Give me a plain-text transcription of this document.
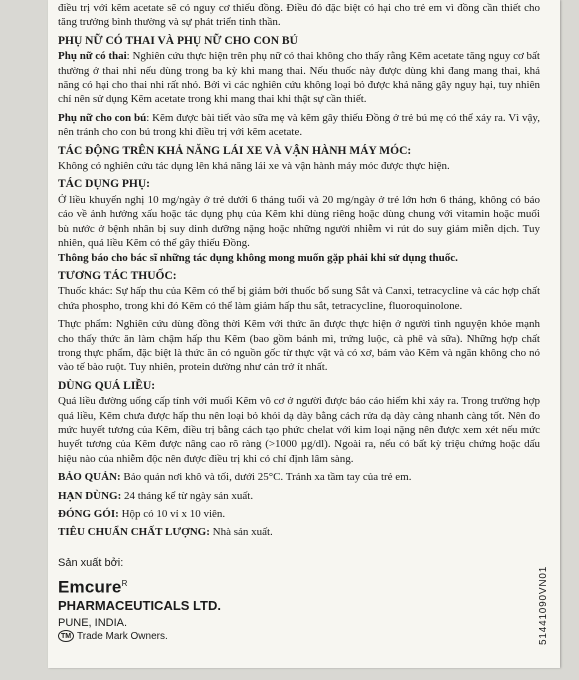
điều trị với kẽm acetate sẽ có nguy cơ thiếu đồng. Điều đó đặc biệt có hại cho trẻ em vì đồng cần thiết cho tăng trưởng bình thường và sự phát triển tinh thần.

PHỤ NỮ CÓ THAI VÀ PHỤ NỮ CHO CON BÚ

Phụ nữ có thai: Nghiên cứu thực hiện trên phụ nữ có thai không cho thấy rằng Kẽm acetate tăng nguy cơ bất thường ở thai nhi nếu dùng trong ba kỳ khi mang thai. Nếu thuốc này được dùng khi đang mang thai, khả năng có hại cho thai nhi rất nhỏ. Bởi vì các nghiên cứu không loại bỏ được khả năng gây nguy hại, tuy nhiên chỉ nên sử dụng Kẽm acetate trong khi mang thai khi thật sự cần thiết.

Phụ nữ cho con bú: Kẽm được bài tiết vào sữa mẹ và kẽm gây thiếu Đồng ở trẻ bú mẹ có thể xảy ra. Vì vậy, nên tránh cho con bú trong khi điều trị với kẽm acetate.

TÁC ĐỘNG TRÊN KHẢ NĂNG LÁI XE VÀ VẬN HÀNH MÁY MÓC:

Không có nghiên cứu tác dụng lên khả năng lái xe và vận hành máy móc được thực hiện.

TÁC DỤNG PHỤ:

Ở liều khuyến nghị 10 mg/ngày ở trẻ dưới 6 tháng tuổi và 20 mg/ngày ở trẻ lớn hơn 6 tháng, không có báo cáo về ảnh hưởng xấu hoặc tác dụng phụ của Kẽm khi dùng riêng hoặc dùng chung với vitamin hoặc muối bù nước ở bệnh nhân bị suy dinh dưỡng nặng hoặc những người nhiễm vi rút do suy giảm miễn dịch. Tuy nhiên, quá liều Kẽm có thể gây thiếu Đồng.

Thông báo cho bác sĩ những tác dụng không mong muốn gặp phải khi sử dụng thuốc.

TƯƠNG TÁC THUỐC:

Thuốc khác: Sự hấp thu của Kẽm có thể bị giảm bởi thuốc bổ sung Sắt và Canxi, tetracycline và các hợp chất chứa phospho, trong khi đó Kẽm có thể làm giảm hấp thu sắt, tetracycline, fluoroquinolone.

Thực phẩm: Nghiên cứu dùng đồng thời Kẽm với thức ăn được thực hiện ở người tình nguyện khỏe mạnh cho thấy thức ăn làm chậm hấp thu Kẽm (bao gồm bánh mì, trứng luộc, cà phê và sữa). Những hợp chất trong thực phẩm, đặc biệt là thức ăn có nguồn gốc từ thực vật và có xơ, bám vào Kẽm và ngăn không cho nó vào tế bào ruột. Tuy nhiên, protein dường như cản trở ít nhất.

DÙNG QUÁ LIỀU:

Quá liều đường uống cấp tính với muối Kẽm vô cơ ở người được báo cáo hiếm khi xảy ra. Trong trường hợp quá liều, Kẽm chưa được hấp thu nên loại bỏ khỏi dạ dày bằng cách rửa dạ dày càng nhanh càng tốt. Nên đo mức huyết tương của Kẽm, điều trị bằng cách tạo phức chelat với kim loại nặng nên được xem xét nếu mức huyết tương của Kẽm được nâng cao rõ ràng (>1000 µg/dl). Ngoài ra, nếu có bất kỳ triệu chứng hoặc dấu hiệu nào của nhiễm độc nên được điều trị khi có chỉ định lâm sàng.

BẢO QUẢN: Bảo quản nơi khô và tối, dưới 25°C. Tránh xa tầm tay của trẻ em.

HẠN DÙNG: 24 tháng kể từ ngày sản xuất.

ĐÓNG GÓI: Hộp có 10 vỉ x 10 viên.

TIÊU CHUẨN CHẤT LƯỢNG: Nhà sản xuất.

Sản xuất bởi:
Emcure$^R$
PHARMACEUTICALS LTD.
PUNE, INDIA.
TM Trade Mark Owners.	51441090VN01
